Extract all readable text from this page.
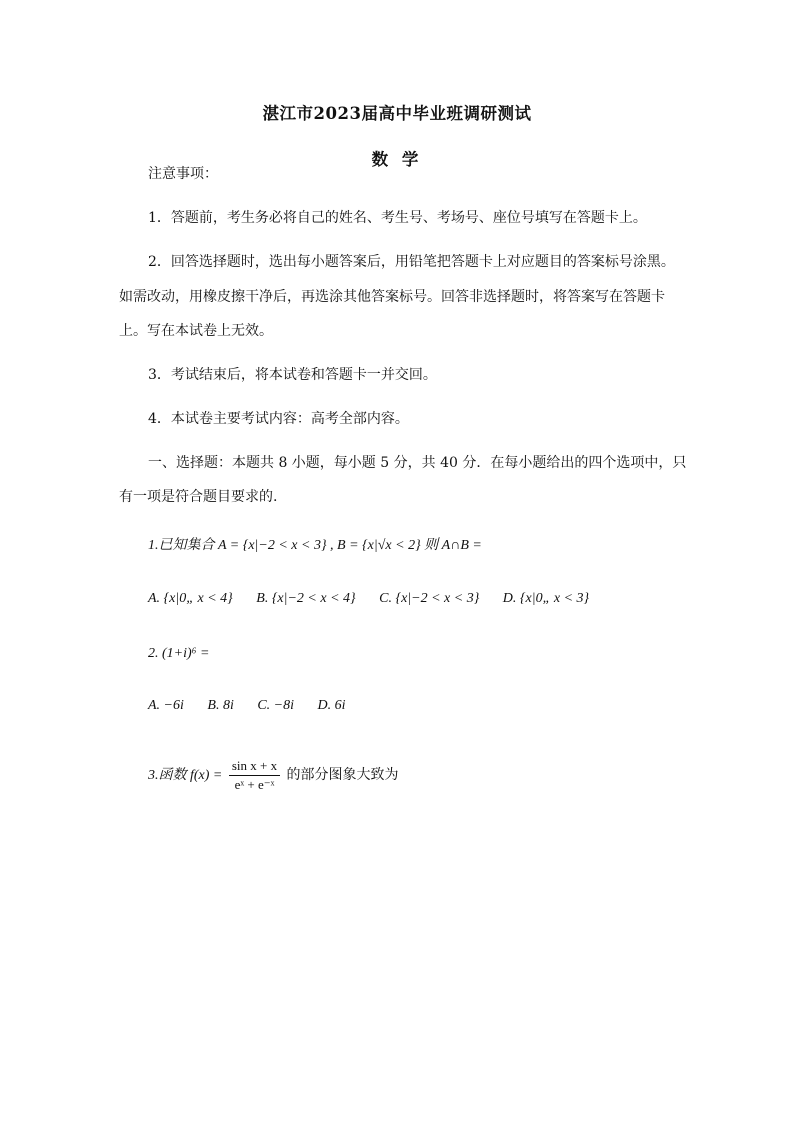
湛江市2023届高中毕业班调研测试
数 学
注意事项：
1．答题前，考生务必将自己的姓名、考生号、考场号、座位号填写在答题卡上。
2．回答选择题时，选出每小题答案后，用铅笔把答题卡上对应题目的答案标号涂黑。
如需改动，用橡皮擦干净后，再选涂其他答案标号。回答非选择题时，将答案写在答题卡
上。写在本试卷上无效。
3．考试结束后，将本试卷和答题卡一并交回。
4．本试卷主要考试内容：高考全部内容。
一、选择题：本题共 8 小题，每小题 5 分，共 40 分．在每小题给出的四个选项中，只
有一项是符合题目要求的.
1.已知集合 A = {x|−2 < x < 3} , B = {x|√x < 2} 则 A∩B =
A. {x|0„ x < 4} B. {x|−2 < x < 4} C. {x|−2 < x < 3} D. {x|0„ x < 3}
2. (1+i)⁶ =
A. −6i B. 8i C. −8i D. 6i
3.函数 $f(x) = \frac{\text{sin x + x}}{\text{eˣ + e⁻ˣ}}$ 的部分图象大致为
